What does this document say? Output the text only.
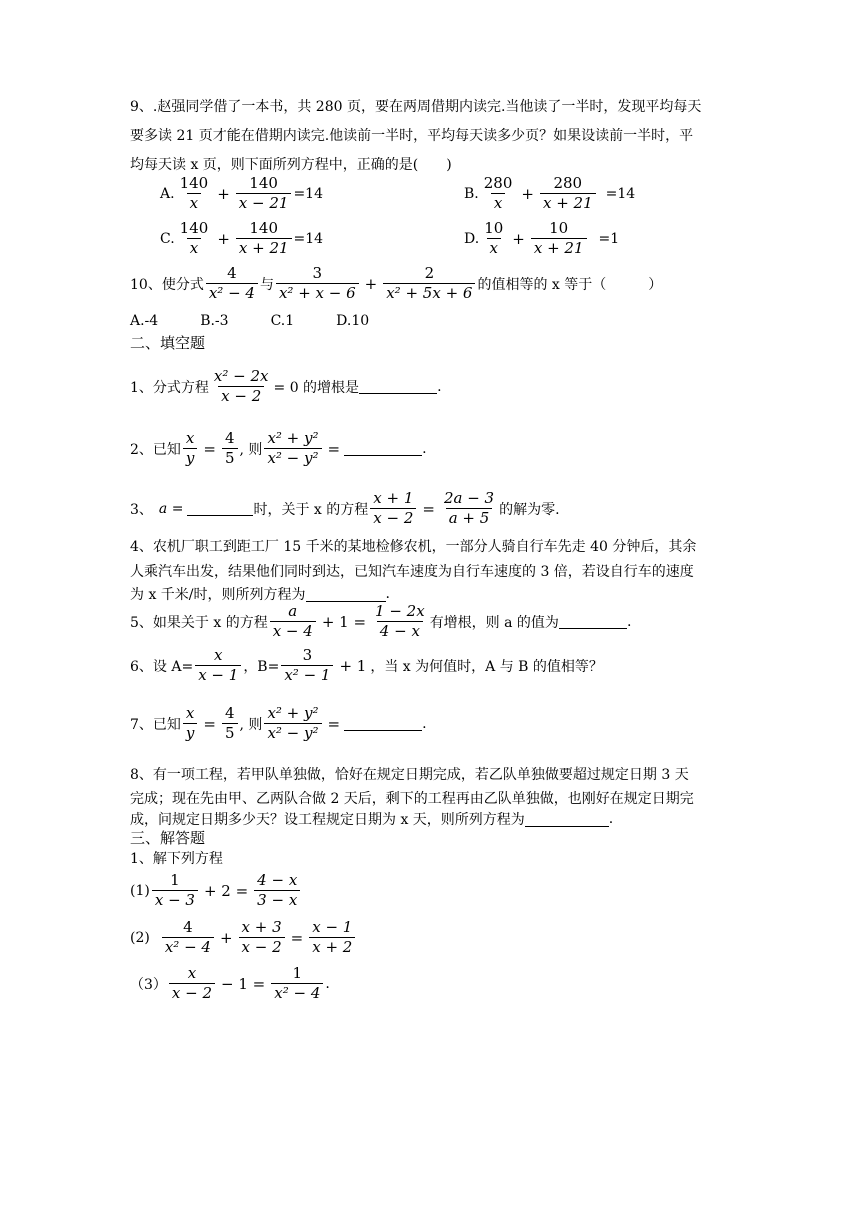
9、.赵强同学借了一本书，共 280 页，要在两周借期内读完.当他读了一半时，发现平均每天
要多读 21 页才能在借期内读完.他读前一半时，平均每天读多少页？如果设读前一半时，平
均每天读 x 页，则下面所列方程中，正确的是(　　)
A. $\frac{140}{x} + \frac{140}{x - 21} =14$	B. $\frac{280}{x} + \frac{280}{x + 21} =14$
C. $\frac{140}{x} + \frac{140}{x + 21} =14$	D. $\frac{10}{x} + \frac{10}{x + 21} =1$
10、使分式 $\frac{4}{\text{x² − 4}}$ 与 $\frac{3}{\text{x² + x − 6}} + \frac{2}{\text{x² + 5x + 6}}$ 的值相等的 x 等于（　　　）
A.-4　　　B.-3　　　C.1　　　D.10
二、填空题
1、分式方程 $\frac{\text{x² − 2x}}{x - 2} = 0$ 的增根是	.
2、已知 $\frac{x}{y} = \frac{4}{5}$ , 则 $\frac{\text{x² + y²}}{\text{x² − y²}}$ =	.
3、 a =	时，关于 x 的方程 $\frac{x + 1}{x - 2} = \frac{2a - 3}{a + 5}$ 的解为零.
4、农机厂职工到距工厂 15 千米的某地检修农机，一部分人骑自行车先走 40 分钟后，其余
人乘汽车出发，结果他们同时到达，已知汽车速度为自行车速度的 3 倍，若设自行车的速度
为 x 千米/时，则所列方程为	.
5、如果关于 x 的方程 $\frac{a}{x - 4} + 1 = \frac{1 - 2x}{4 - x}$ 有增根，则 a 的值为	.
6、设 $A= \frac{x}{x - 1}$ ，$B= \frac{3}{\text{x² − 1}} + 1$ ，当 x 为何值时，A 与 B 的值相等？
7、已知 $\frac{x}{y} = \frac{4}{5}$ , 则 $\frac{\text{x² + y²}}{\text{x² − y²}}$ =	.
8、有一项工程，若甲队单独做，恰好在规定日期完成，若乙队单独做要超过规定日期 3 天
完成；现在先由甲、乙两队合做 2 天后，剩下的工程再由乙队单独做，也刚好在规定日期完
成，问规定日期多少天？设工程规定日期为 x 天，则所列方程为	.
三、解答题
1、解下列方程
$(1) \frac{1}{x - 3} + 2 = \frac{4 - x}{3 - x}$
$(2) \frac{4}{\text{x² − 4}} + \frac{x + 3}{x - 2} = \frac{x - 1}{x + 2}$
$(3) \frac{x}{x - 2} - 1 = \frac{1}{\text{x² − 4}}$ .
